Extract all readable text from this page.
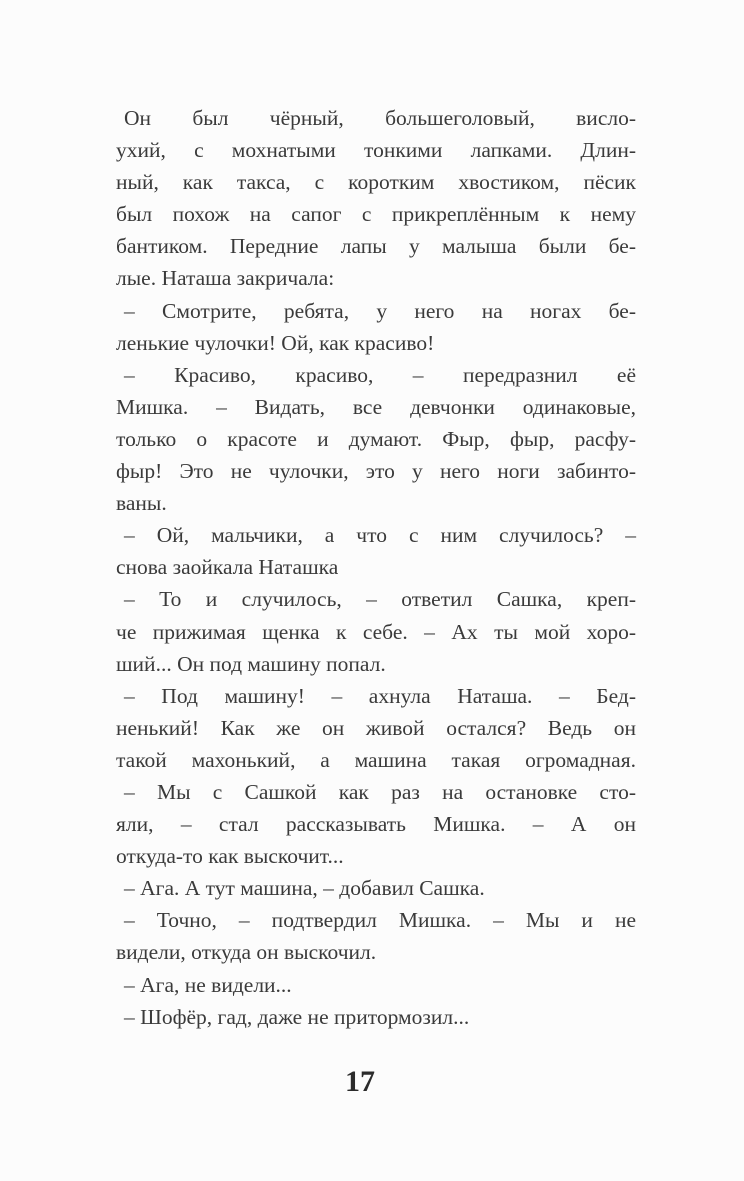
Он был чёрный, большеголовый, висло-
ухий, с мохнатыми тонкими лапками. Длин-
ный, как такса, с коротким хвостиком, пёсик
был похож на сапог с прикреплённым к нему
бантиком. Передние лапы у малыша были бе-
лые. Наташа закричала:
– Смотрите, ребята, у него на ногах бе-
ленькие чулочки! Ой, как красиво!
– Красиво, красиво, – передразнил её
Мишка. – Видать, все девчонки одинаковые,
только о красоте и думают. Фыр, фыр, расфу-
фыр! Это не чулочки, это у него ноги забинто-
ваны.
– Ой, мальчики, а что с ним случилось? –
снова заойкала Наташка
– То и случилось, – ответил Сашка, креп-
че прижимая щенка к себе. – Ах ты мой хоро-
ший... Он под машину попал.
– Под машину! – ахнула Наташа. – Бед-
ненький! Как же он живой остался? Ведь он
такой махонький, а машина такая огромадная.
– Мы с Сашкой как раз на остановке сто-
яли, – стал рассказывать Мишка. – А он
откуда-то как выскочит...
– Ага. А тут машина, – добавил Сашка.
– Точно, – подтвердил Мишка. – Мы и не
видели, откуда он выскочил.
– Ага, не видели...
– Шофёр, гад, даже не притормозил...
17
